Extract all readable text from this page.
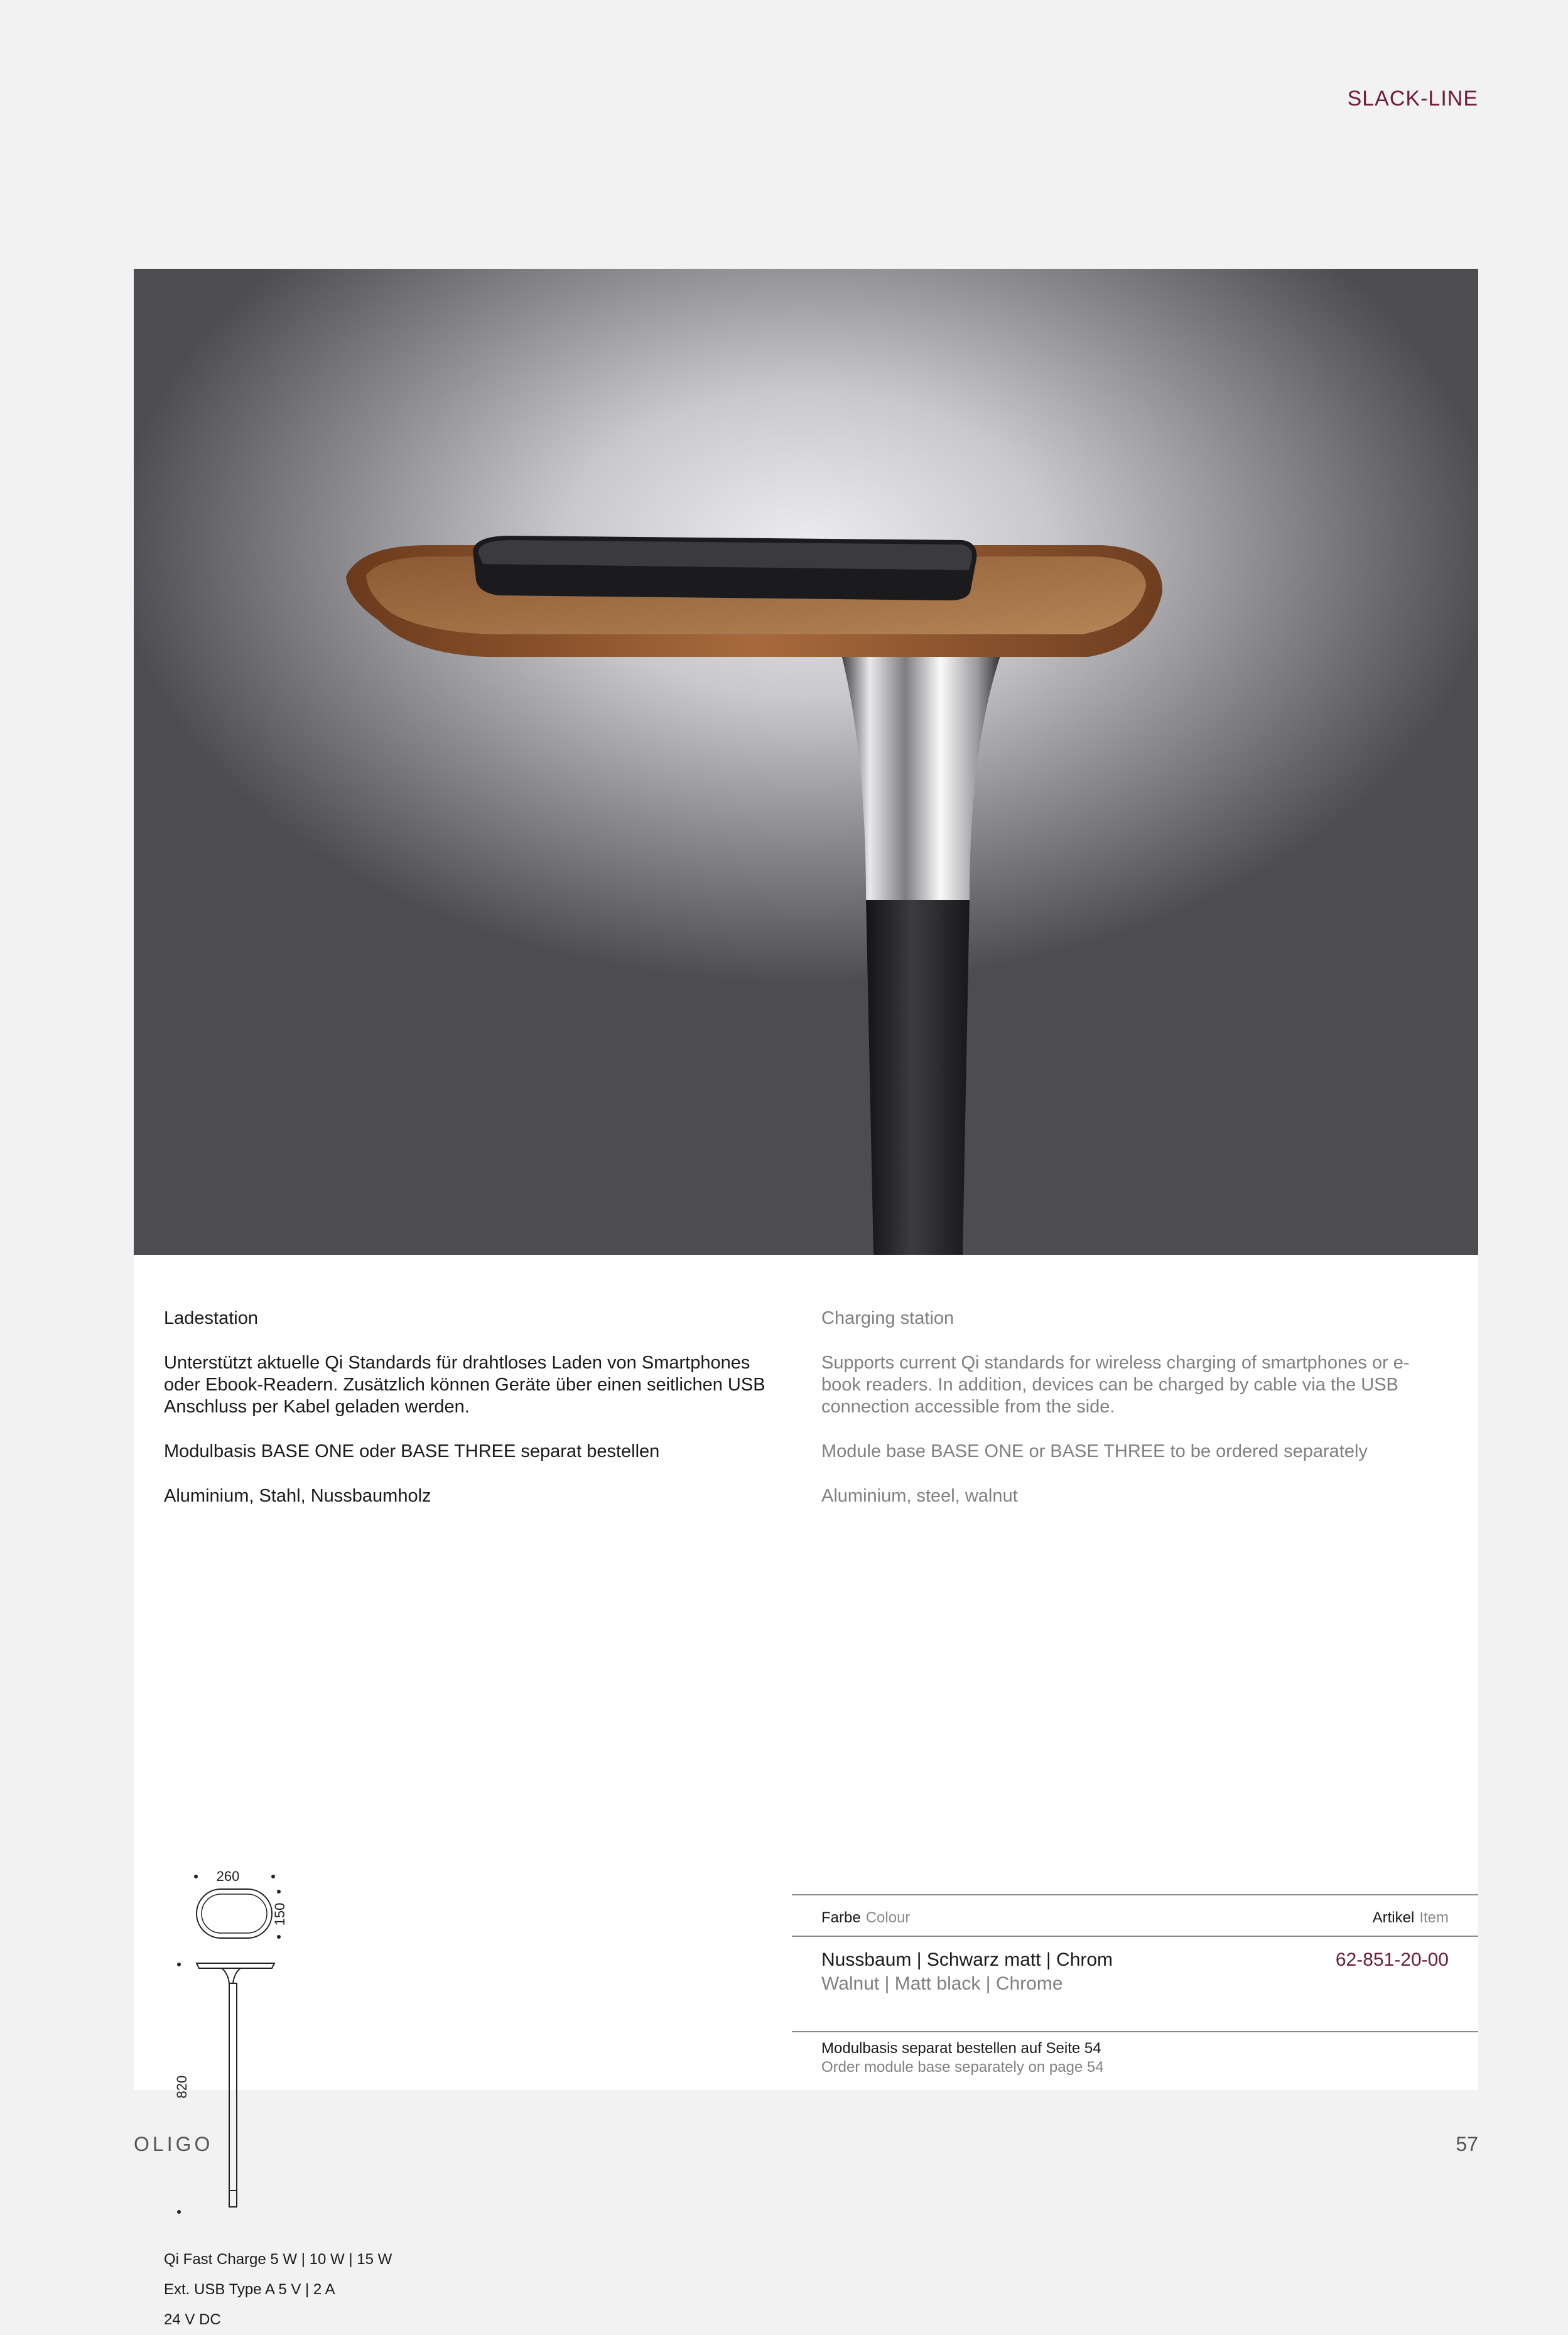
SLACK-LINE

Ladestation

Unterstützt aktuelle Qi Standards für drahtloses Laden von Smartphones oder Ebook-Readern. Zusätzlich können Geräte über einen seitlichen USB Anschluss per Kabel geladen werden.

Modulbasis BASE ONE oder BASE THREE separat bestellen

Aluminium, Stahl, Nussbaumholz

Charging station

Supports current Qi standards for wireless charging of smartphones or e-book readers. In addition, devices can be charged by cable via the USB connection accessible from the side.

Module base BASE ONE or BASE THREE to be ordered separately

Aluminium, steel, walnut

260
150
820
Qi Fast Charge 5 W | 10 W | 15 W
Ext. USB Type A 5 V | 2 A
24 V DC
Farbe Colour	Artikel Item
Nussbaum | Schwarz matt | Chrom
Walnut | Matt black | Chrome
62-851-20-00
Modulbasis separat bestellen auf Seite 54
Order module base separately on page 54
OLIGO	57
